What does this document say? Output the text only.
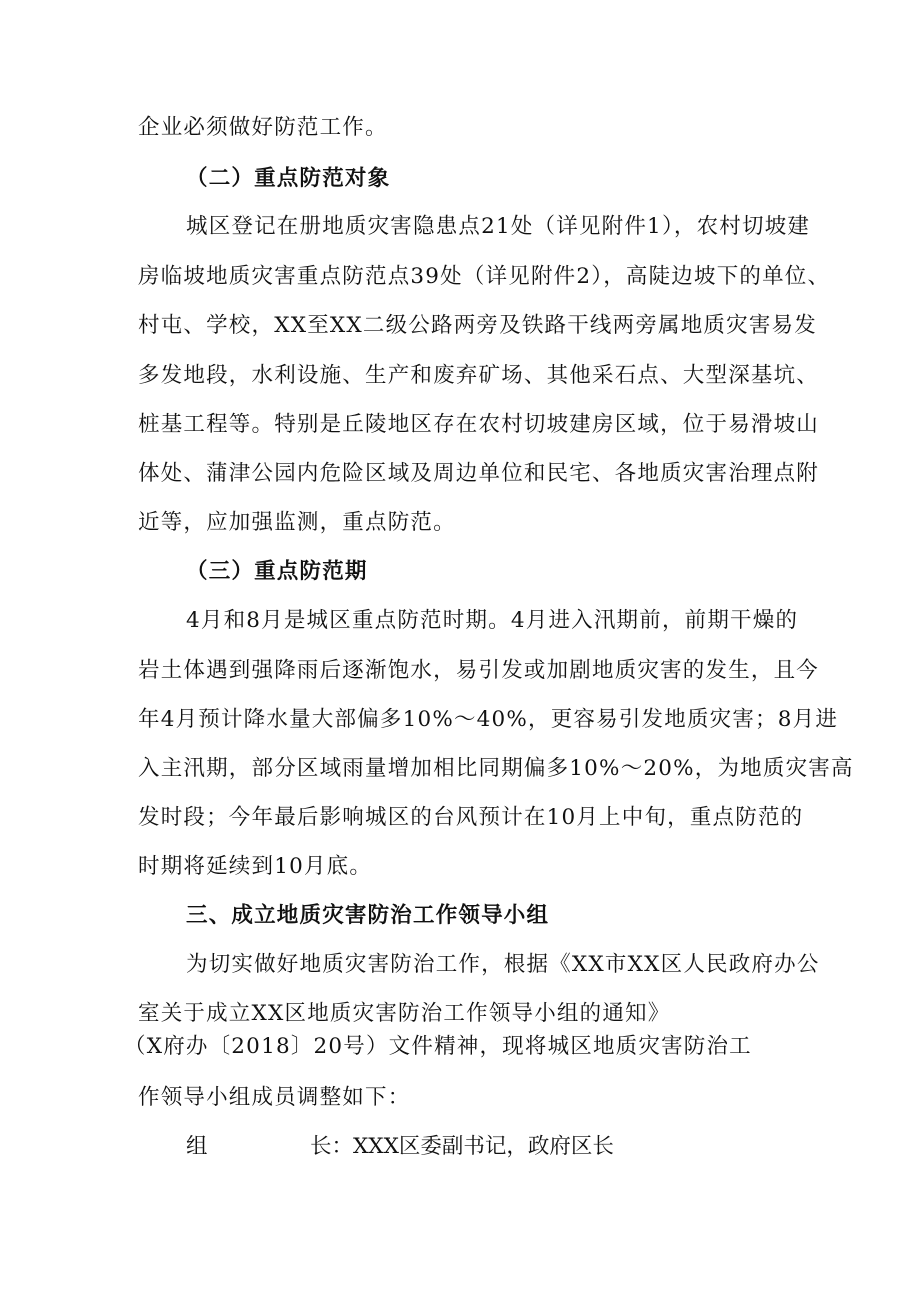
企业必须做好防范工作。
（二）重点防范对象
城区登记在册地质灾害隐患点21处（详见附件1），农村切坡建
房临坡地质灾害重点防范点39处（详见附件2），高陡边坡下的单位、
村屯、学校，XX至XX二级公路两旁及铁路干线两旁属地质灾害易发
多发地段，水利设施、生产和废弃矿场、其他采石点、大型深基坑、
桩基工程等。特别是丘陵地区存在农村切坡建房区域，位于易滑坡山
体处、蒲津公园内危险区域及周边单位和民宅、各地质灾害治理点附
近等，应加强监测，重点防范。
（三）重点防范期
4月和8月是城区重点防范时期。4月进入汛期前，前期干燥的
岩土体遇到强降雨后逐渐饱水，易引发或加剧地质灾害的发生，且今
年4月预计降水量大部偏多10%～40%，更容易引发地质灾害；8月进
入主汛期，部分区域雨量增加相比同期偏多10%～20%，为地质灾害高
发时段；今年最后影响城区的台风预计在10月上中旬，重点防范的
时期将延续到10月底。
三、成立地质灾害防治工作领导小组
为切实做好地质灾害防治工作，根据《XX市XX区人民政府办公
室关于成立XX区地质灾害防治工作领导小组的通知》
（X府办〔2018〕20号）文件精神，现将城区地质灾害防治工
作领导小组成员调整如下：
组	长：XXX区委副书记，政府区长
